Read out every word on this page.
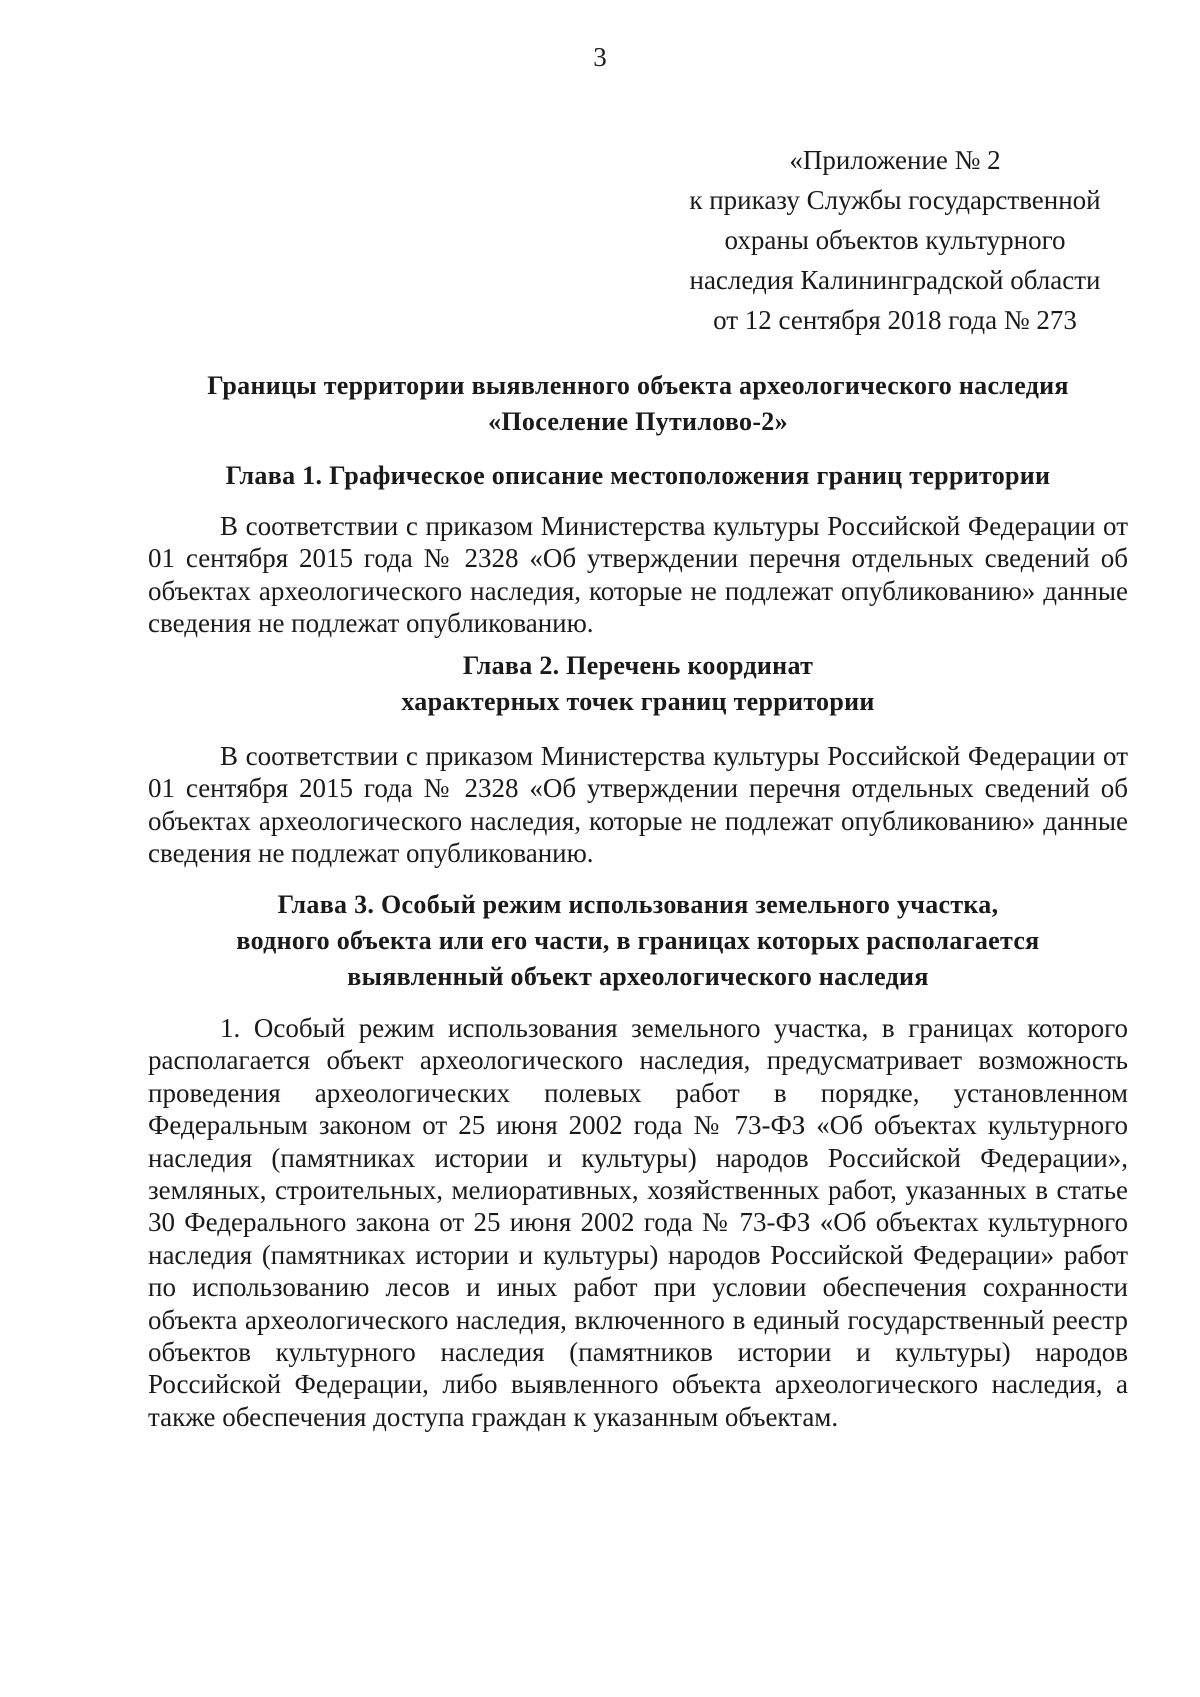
3
«Приложение № 2
к приказу Службы государственной
охраны объектов культурного
наследия Калининградской области
от 12 сентября 2018 года № 273
Границы территории выявленного объекта археологического наследия
«Поселение Путилово-2»
Глава 1. Графическое описание местоположения границ территории
В соответствии с приказом Министерства культуры Российской Федерации от 01 сентября 2015 года № 2328 «Об утверждении перечня отдельных сведений об объектах археологического наследия, которые не подлежат опубликованию» данные сведения не подлежат опубликованию.
Глава 2. Перечень координат
характерных точек границ территории
В соответствии с приказом Министерства культуры Российской Федерации от 01 сентября 2015 года № 2328 «Об утверждении перечня отдельных сведений об объектах археологического наследия, которые не подлежат опубликованию» данные сведения не подлежат опубликованию.
Глава 3. Особый режим использования земельного участка,
водного объекта или его части, в границах которых располагается
выявленный объект археологического наследия
1. Особый режим использования земельного участка, в границах которого располагается объект археологического наследия, предусматривает возможность проведения археологических полевых работ в порядке, установленном Федеральным законом от 25 июня 2002 года № 73-ФЗ «Об объектах культурного наследия (памятниках истории и культуры) народов Российской Федерации», земляных, строительных, мелиоративных, хозяйственных работ, указанных в статье 30 Федерального закона от 25 июня 2002 года № 73-ФЗ «Об объектах культурного наследия (памятниках истории и культуры) народов Российской Федерации» работ по использованию лесов и иных работ при условии обеспечения сохранности объекта археологического наследия, включенного в единый государственный реестр объектов культурного наследия (памятников истории и культуры) народов Российской Федерации, либо выявленного объекта археологического наследия, а также обеспечения доступа граждан к указанным объектам.
